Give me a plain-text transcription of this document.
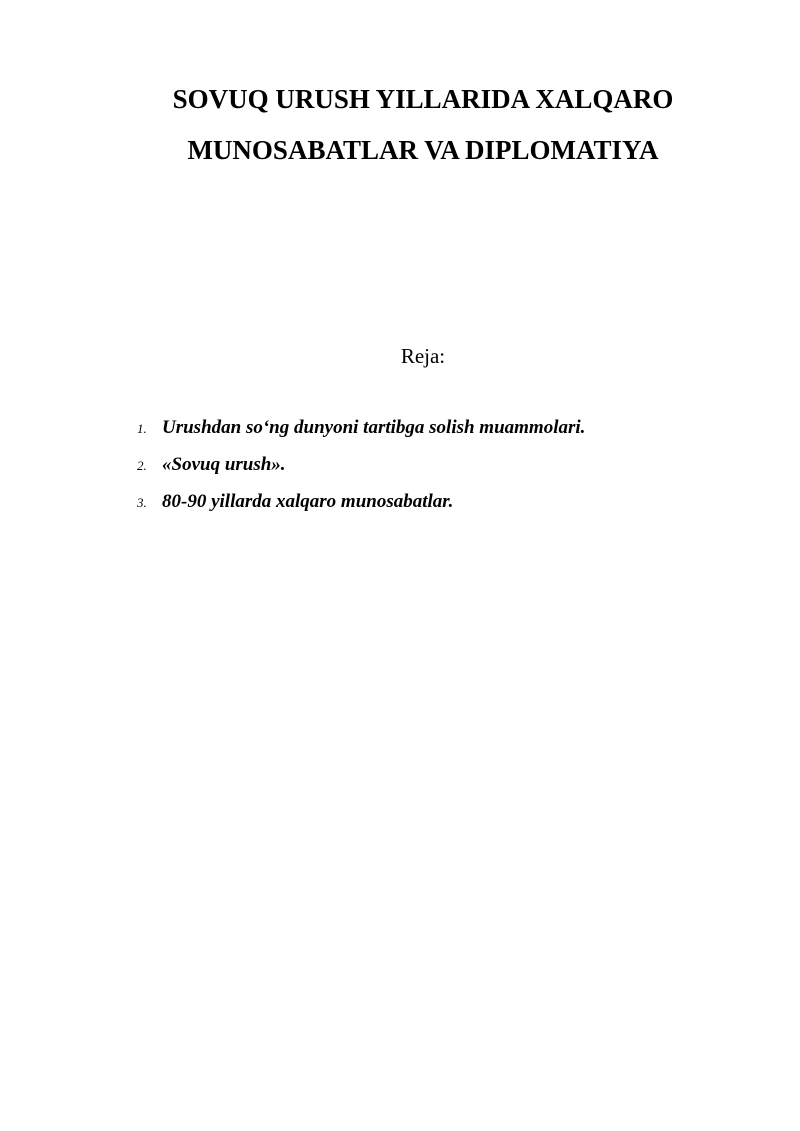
SOVUQ URUSH YILLARIDA XALQARO
MUNOSABATLAR VA DIPLOMATIYA

Reja:

1. Urushdan so‘ng dunyoni tartibga solish muammolari.
2. «Sovuq urush».
3. 80-90 yillarda xalqaro munosabatlar.
